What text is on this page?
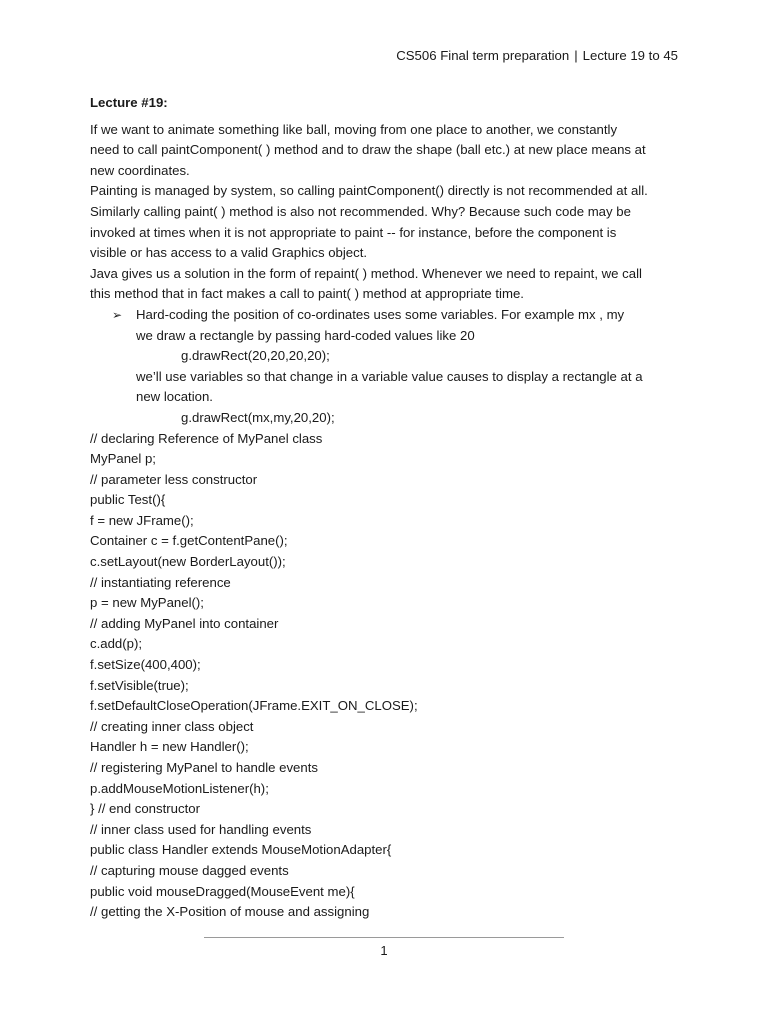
CS506 Final term preparation | Lecture 19 to 45

Lecture #19:

If we want to animate something like ball, moving from one place to another, we constantly

need to call paintComponent( ) method and to draw the shape (ball etc.) at new place means at

new coordinates.

Painting is managed by system, so calling paintComponent() directly is not recommended at all.

Similarly calling paint( ) method is also not recommended. Why? Because such code may be

invoked at times when it is not appropriate to paint -- for instance, before the component is

visible or has access to a valid Graphics object.

Java gives us a solution in the form of repaint( ) method. Whenever we need to repaint, we call

this method that in fact makes a call to paint( ) method at appropriate time.

➢ Hard-coding the position of co-ordinates uses some variables. For example mx , my

we draw a rectangle by passing hard-coded values like 20

g.drawRect(20,20,20,20);

we’ll use variables so that change in a variable value causes to display a rectangle at a

new location.

g.drawRect(mx,my,20,20);

// declaring Reference of MyPanel class

MyPanel p;

// parameter less constructor

public Test(){

f = new JFrame();

Container c = f.getContentPane();

c.setLayout(new BorderLayout());

// instantiating reference

p = new MyPanel();

// adding MyPanel into container

c.add(p);

f.setSize(400,400);

f.setVisible(true);

f.setDefaultCloseOperation(JFrame.EXIT_ON_CLOSE);

// creating inner class object

Handler h = new Handler();

// registering MyPanel to handle events

p.addMouseMotionListener(h);

} // end constructor

// inner class used for handling events

public class Handler extends MouseMotionAdapter{

// capturing mouse dagged events

public void mouseDragged(MouseEvent me){

// getting the X-Position of mouse and assigning

1
